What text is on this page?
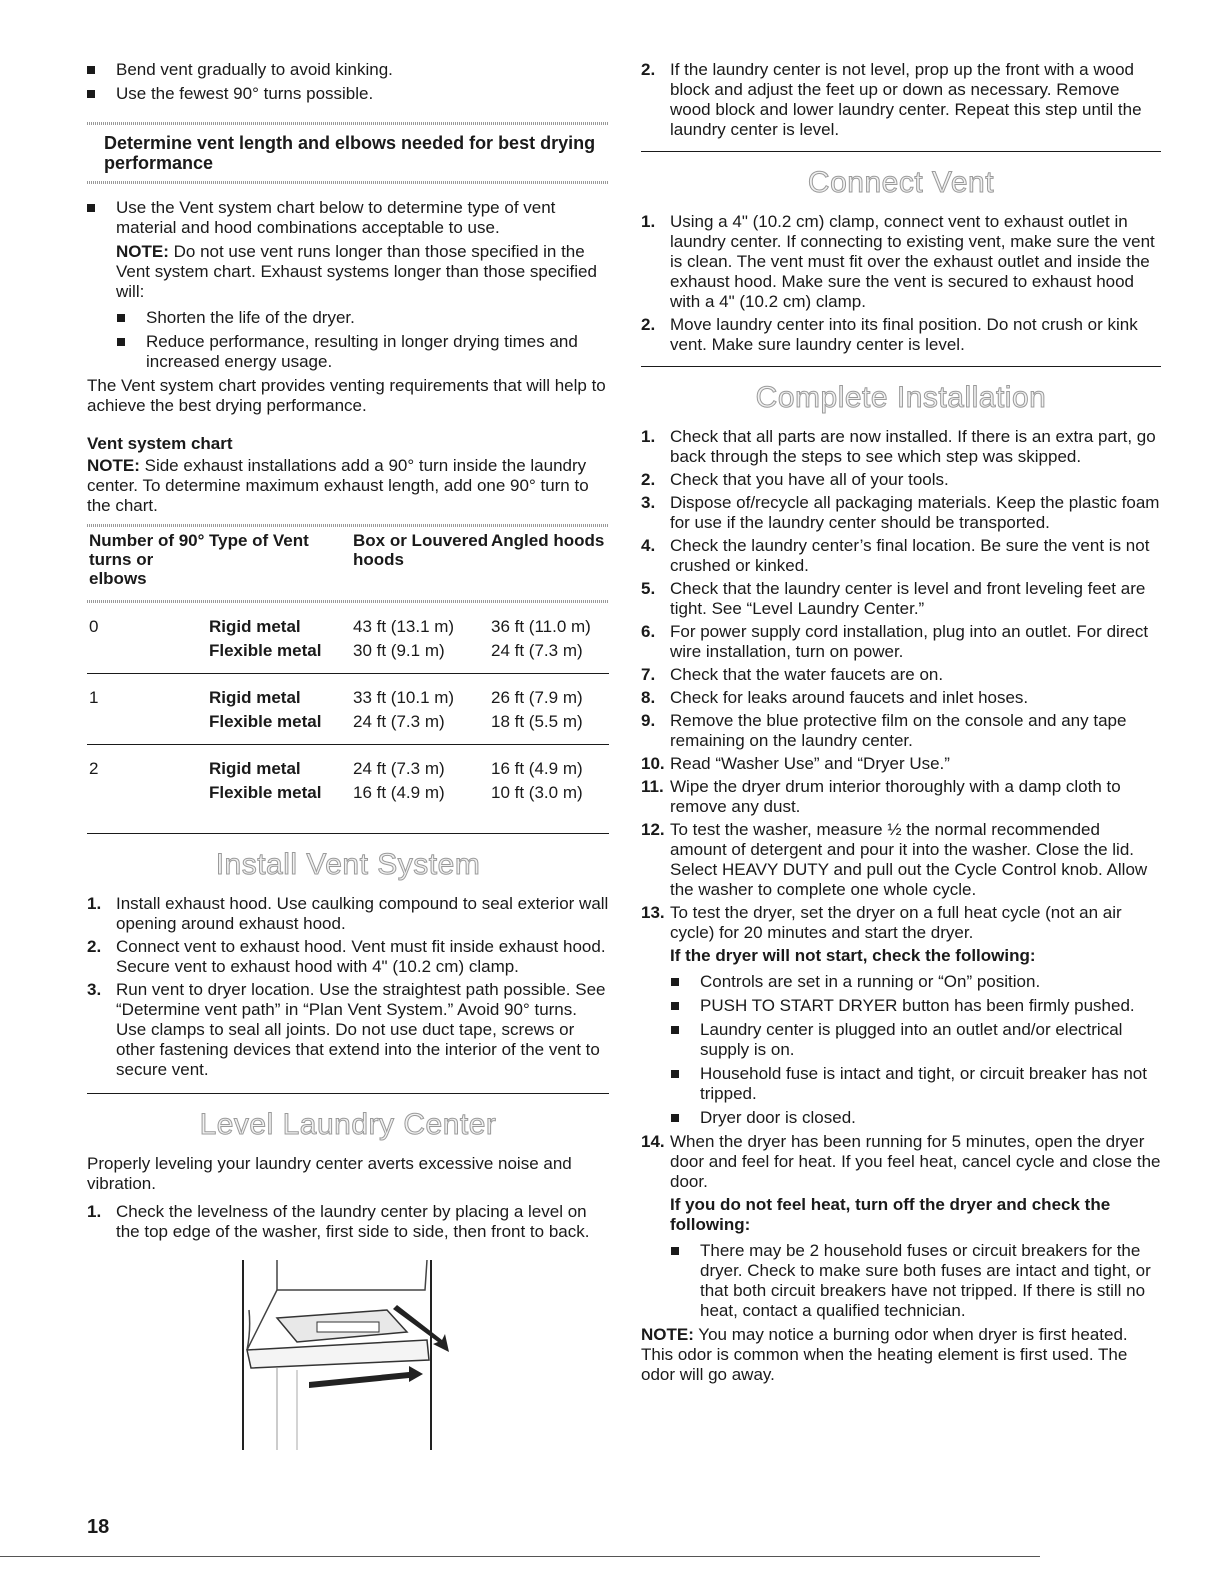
Bend vent gradually to avoid kinking.
Use the fewest 90° turns possible.
Determine vent length and elbows needed for best drying performance
Use the Vent system chart below to determine type of vent material and hood combinations acceptable to use.
NOTE: Do not use vent runs longer than those specified in the Vent system chart. Exhaust systems longer than those specified will:
Shorten the life of the dryer.
Reduce performance, resulting in longer drying times and increased energy usage.
The Vent system chart provides venting requirements that will help to achieve the best drying performance.
Vent system chart
NOTE: Side exhaust installations add a 90° turn inside the laundry center. To determine maximum exhaust length, add one 90° turn to the chart.
Number of 90° turns or elbows	Type of Vent	Box or Louvered hoods	Angled hoods

0	Rigid metal	43 ft (13.1 m)	36 ft (11.0 m)
	Flexible metal	30 ft (9.1 m)	24 ft (7.3 m)
1	Rigid metal	33 ft (10.1 m)	26 ft (7.9 m)
	Flexible metal	24 ft (7.3 m)	18 ft (5.5 m)
2	Rigid metal	24 ft (7.3 m)	16 ft (4.9 m)
	Flexible metal	16 ft (4.9 m)	10 ft (3.0 m)
Install Vent System
1. Install exhaust hood. Use caulking compound to seal exterior wall opening around exhaust hood.
2. Connect vent to exhaust hood. Vent must fit inside exhaust hood. Secure vent to exhaust hood with 4" (10.2 cm) clamp.
3. Run vent to dryer location. Use the straightest path possible. See “Determine vent path” in “Plan Vent System.” Avoid 90° turns. Use clamps to seal all joints. Do not use duct tape, screws or other fastening devices that extend into the interior of the vent to secure vent.
Level Laundry Center
Properly leveling your laundry center averts excessive noise and vibration.
1. Check the levelness of the laundry center by placing a level on the top edge of the washer, first side to side, then front to back.
2. If the laundry center is not level, prop up the front with a wood block and adjust the feet up or down as necessary. Remove wood block and lower laundry center. Repeat this step until the laundry center is level.
Connect Vent
1. Using a 4" (10.2 cm) clamp, connect vent to exhaust outlet in laundry center. If connecting to existing vent, make sure the vent is clean. The vent must fit over the exhaust outlet and inside the exhaust hood. Make sure the vent is secured to exhaust hood with a 4" (10.2 cm) clamp.
2. Move laundry center into its final position. Do not crush or kink vent. Make sure laundry center is level.
Complete Installation
1. Check that all parts are now installed. If there is an extra part, go back through the steps to see which step was skipped.
2. Check that you have all of your tools.
3. Dispose of/recycle all packaging materials. Keep the plastic foam for use if the laundry center should be transported.
4. Check the laundry center’s final location. Be sure the vent is not crushed or kinked.
5. Check that the laundry center is level and front leveling feet are tight. See “Level Laundry Center.”
6. For power supply cord installation, plug into an outlet. For direct wire installation, turn on power.
7. Check that the water faucets are on.
8. Check for leaks around faucets and inlet hoses.
9. Remove the blue protective film on the console and any tape remaining on the laundry center.
10. Read “Washer Use” and “Dryer Use.”
11. Wipe the dryer drum interior thoroughly with a damp cloth to remove any dust.
12. To test the washer, measure ½ the normal recommended amount of detergent and pour it into the washer. Close the lid. Select HEAVY DUTY and pull out the Cycle Control knob. Allow the washer to complete one whole cycle.
13. To test the dryer, set the dryer on a full heat cycle (not an air cycle) for 20 minutes and start the dryer.
If the dryer will not start, check the following:
Controls are set in a running or “On” position.
PUSH TO START DRYER button has been firmly pushed.
Laundry center is plugged into an outlet and/or electrical supply is on.
Household fuse is intact and tight, or circuit breaker has not tripped.
Dryer door is closed.
14. When the dryer has been running for 5 minutes, open the dryer door and feel for heat. If you feel heat, cancel cycle and close the door.
If you do not feel heat, turn off the dryer and check the following:
There may be 2 household fuses or circuit breakers for the dryer. Check to make sure both fuses are intact and tight, or that both circuit breakers have not tripped. If there is still no heat, contact a qualified technician.
NOTE: You may notice a burning odor when dryer is first heated. This odor is common when the heating element is first used. The odor will go away.
18
